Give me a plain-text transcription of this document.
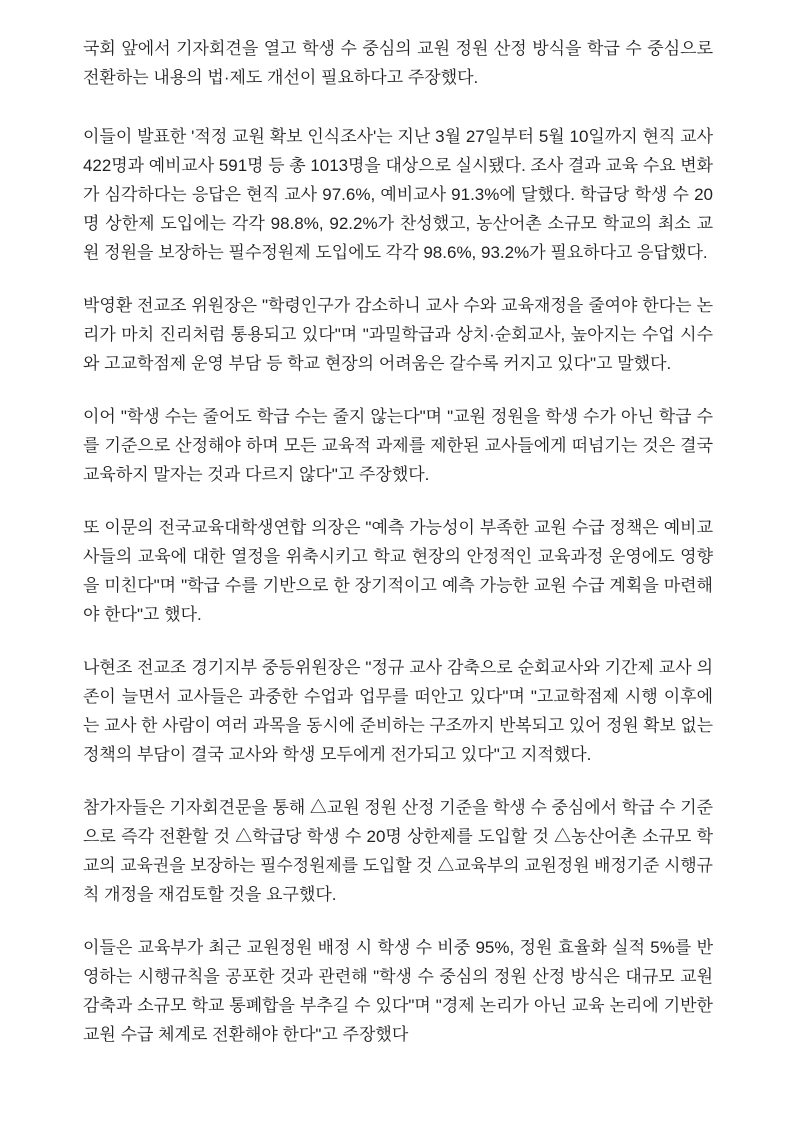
국회 앞에서 기자회견을 열고 학생 수 중심의 교원 정원 산정 방식을 학급 수 중심으로
전환하는 내용의 법·제도 개선이 필요하다고 주장했다.

이들이 발표한 '적정 교원 확보 인식조사'는 지난 3월 27일부터 5월 10일까지 현직 교사
422명과 예비교사 591명 등 총 1013명을 대상으로 실시됐다. 조사 결과 교육 수요 변화
가 심각하다는 응답은 현직 교사 97.6%, 예비교사 91.3%에 달했다. 학급당 학생 수 20
명 상한제 도입에는 각각 98.8%, 92.2%가 찬성했고, 농산어촌 소규모 학교의 최소 교
원 정원을 보장하는 필수정원제 도입에도 각각 98.6%, 93.2%가 필요하다고 응답했다.

박영환 전교조 위원장은 "학령인구가 감소하니 교사 수와 교육재정을 줄여야 한다는 논
리가 마치 진리처럼 통용되고 있다"며 "과밀학급과 상치·순회교사, 높아지는 수업 시수
와 고교학점제 운영 부담 등 학교 현장의 어려움은 갈수록 커지고 있다"고 말했다.

이어 "학생 수는 줄어도 학급 수는 줄지 않는다"며 "교원 정원을 학생 수가 아닌 학급 수
를 기준으로 산정해야 하며 모든 교육적 과제를 제한된 교사들에게 떠넘기는 것은 결국
교육하지 말자는 것과 다르지 않다"고 주장했다.

또 이문의 전국교육대학생연합 의장은 "예측 가능성이 부족한 교원 수급 정책은 예비교
사들의 교육에 대한 열정을 위축시키고 학교 현장의 안정적인 교육과정 운영에도 영향
을 미친다"며 "학급 수를 기반으로 한 장기적이고 예측 가능한 교원 수급 계획을 마련해
야 한다"고 했다.

나현조 전교조 경기지부 중등위원장은 "정규 교사 감축으로 순회교사와 기간제 교사 의
존이 늘면서 교사들은 과중한 수업과 업무를 떠안고 있다"며 "고교학점제 시행 이후에
는 교사 한 사람이 여러 과목을 동시에 준비하는 구조까지 반복되고 있어 정원 확보 없는
정책의 부담이 결국 교사와 학생 모두에게 전가되고 있다"고 지적했다.

참가자들은 기자회견문을 통해 △교원 정원 산정 기준을 학생 수 중심에서 학급 수 기준
으로 즉각 전환할 것 △학급당 학생 수 20명 상한제를 도입할 것 △농산어촌 소규모 학
교의 교육권을 보장하는 필수정원제를 도입할 것 △교육부의 교원정원 배정기준 시행규
칙 개정을 재검토할 것을 요구했다.

이들은 교육부가 최근 교원정원 배정 시 학생 수 비중 95%, 정원 효율화 실적 5%를 반
영하는 시행규칙을 공포한 것과 관련해 "학생 수 중심의 정원 산정 방식은 대규모 교원
감축과 소규모 학교 통폐합을 부추길 수 있다"며 "경제 논리가 아닌 교육 논리에 기반한
교원 수급 체계로 전환해야 한다"고 주장했다
